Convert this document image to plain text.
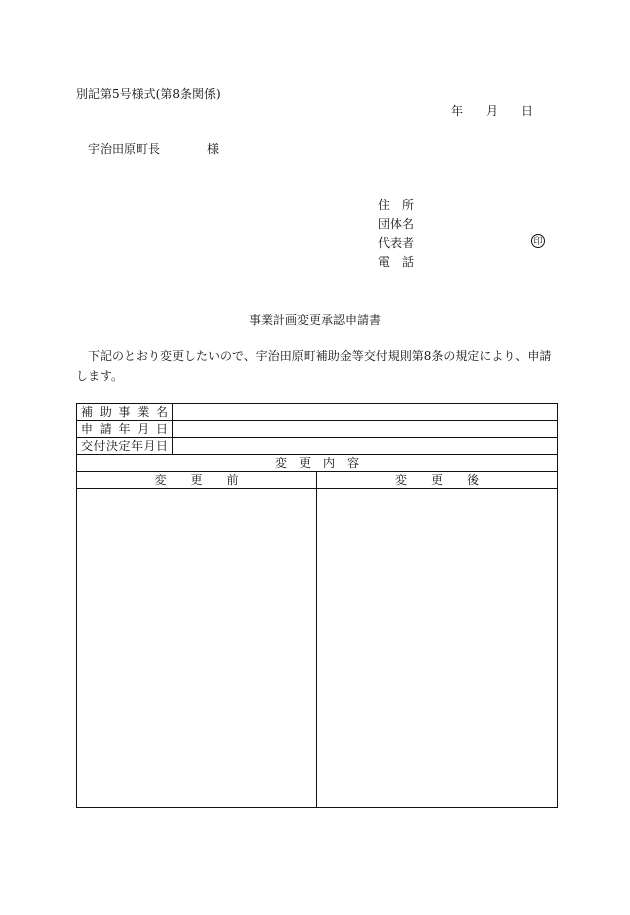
別記第5号様式(第8条関係)
年 月 日
宇治田原町長	様
住　所
団体名
代表者	印
電　話
事業計画変更承認申請書
　下記のとおり変更したいので、宇治田原町補助金等交付規則第8条の規定により、申請します。
補助事業名		
申請年月日		
交付決定年月日		
変　更　内　容		
変　　更　　前		変　　更　　後
